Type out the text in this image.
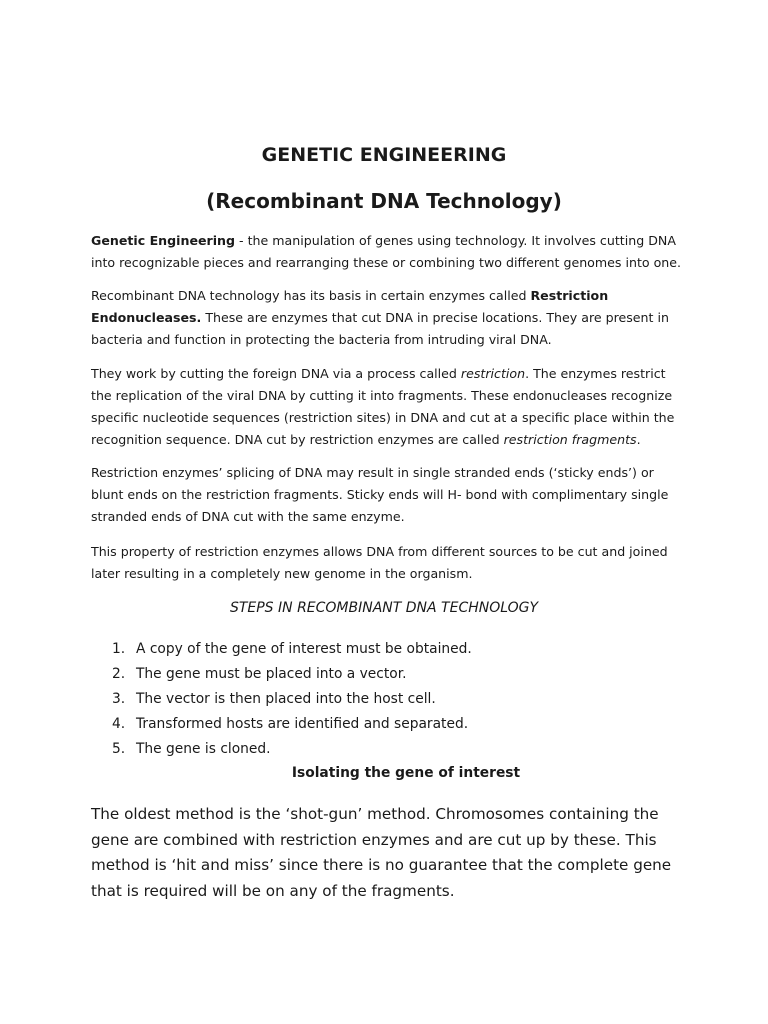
GENETIC ENGINEERING
(Recombinant DNA Technology)

Genetic Engineering - the manipulation of genes using technology. It involves cutting DNA into recognizable pieces and rearranging these or combining two different genomes into one.

Recombinant DNA technology has its basis in certain enzymes called Restriction Endonucleases. These are enzymes that cut DNA in precise locations. They are present in bacteria and function in protecting the bacteria from intruding viral DNA.

They work by cutting the foreign DNA via a process called restriction. The enzymes restrict the replication of the viral DNA by cutting it into fragments. These endonucleases recognize specific nucleotide sequences (restriction sites) in DNA and cut at a specific place within the recognition sequence. DNA cut by restriction enzymes are called restriction fragments.

Restriction enzymes’ splicing of DNA may result in single stranded ends (‘sticky ends’) or blunt ends on the restriction fragments. Sticky ends will H- bond with complimentary single stranded ends of DNA cut with the same enzyme.

This property of restriction enzymes allows DNA from different sources to be cut and joined later resulting in a completely new genome in the organism.

STEPS IN RECOMBINANT DNA TECHNOLOGY

1. A copy of the gene of interest must be obtained.
2. The gene must be placed into a vector.
3. The vector is then placed into the host cell.
4. Transformed hosts are identified and separated.
5. The gene is cloned.

Isolating the gene of interest

The oldest method is the ‘shot-gun’ method. Chromosomes containing the gene are combined with restriction enzymes and are cut up by these. This method is ‘hit and miss’ since there is no guarantee that the complete gene that is required will be on any of the fragments.
